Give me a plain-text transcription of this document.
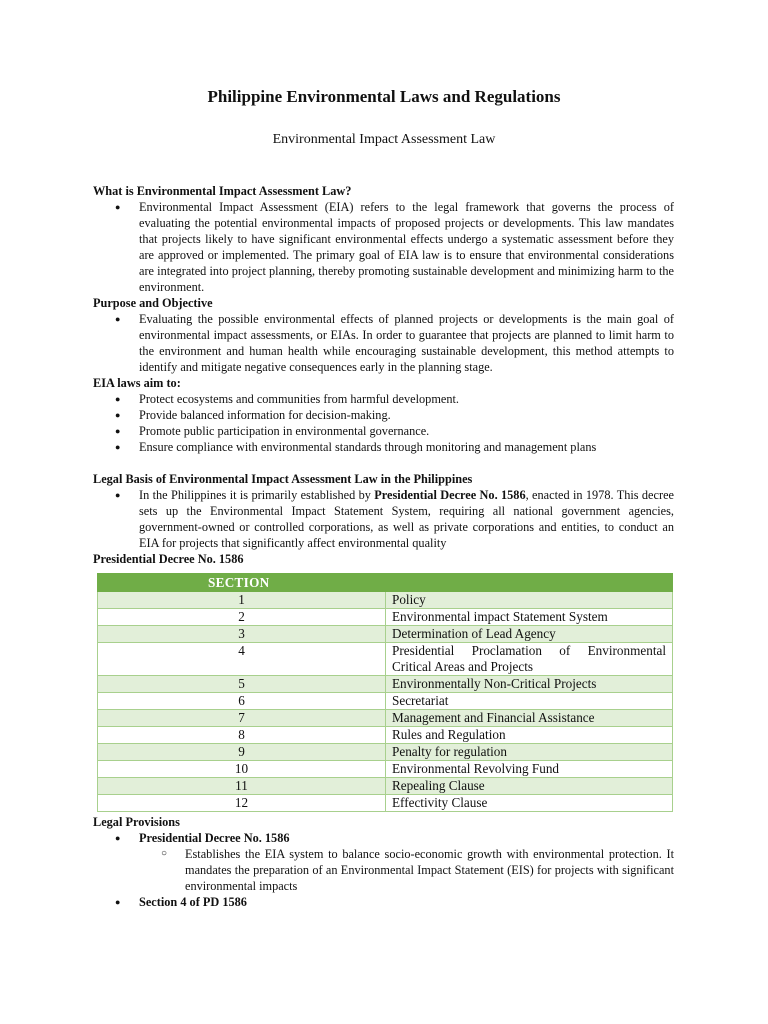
Philippine Environmental Laws and Regulations
Environmental Impact Assessment Law
What is Environmental Impact Assessment Law?
● Environmental Impact Assessment (EIA) refers to the legal framework that governs the process of evaluating the potential environmental impacts of proposed projects or developments. This law mandates that projects likely to have significant environmental effects undergo a systematic assessment before they are approved or implemented. The primary goal of EIA law is to ensure that environmental considerations are integrated into project planning, thereby promoting sustainable development and minimizing harm to the environment.
Purpose and Objective
● Evaluating the possible environmental effects of planned projects or developments is the main goal of environmental impact assessments, or EIAs. In order to guarantee that projects are planned to limit harm to the environment and human health while encouraging sustainable development, this method attempts to identify and mitigate negative consequences early in the planning stage.
EIA laws aim to:
● Protect ecosystems and communities from harmful development.
● Provide balanced information for decision-making.
● Promote public participation in environmental governance.
● Ensure compliance with environmental standards through monitoring and management plans
Legal Basis of Environmental Impact Assessment Law in the Philippines
● In the Philippines it is primarily established by Presidential Decree No. 1586, enacted in 1978. This decree sets up the Environmental Impact Statement System, requiring all national government agencies, government-owned or controlled corporations, as well as private corporations and entities, to conduct an EIA for projects that significantly affect environmental quality
Presidential Decree No. 1586
SECTION	
1	Policy
2	Environmental impact Statement System
3	Determination of Lead Agency
4	Presidential Proclamation of Environmental Critical Areas and Projects
5	Environmentally Non-Critical Projects
6	Secretariat
7	Management and Financial Assistance
8	Rules and Regulation
9	Penalty for regulation
10	Environmental Revolving Fund
11	Repealing Clause
12	Effectivity Clause
Legal Provisions
● Presidential Decree No. 1586
○ Establishes the EIA system to balance socio-economic growth with environmental protection. It mandates the preparation of an Environmental Impact Statement (EIS) for projects with significant environmental impacts
● Section 4 of PD 1586
